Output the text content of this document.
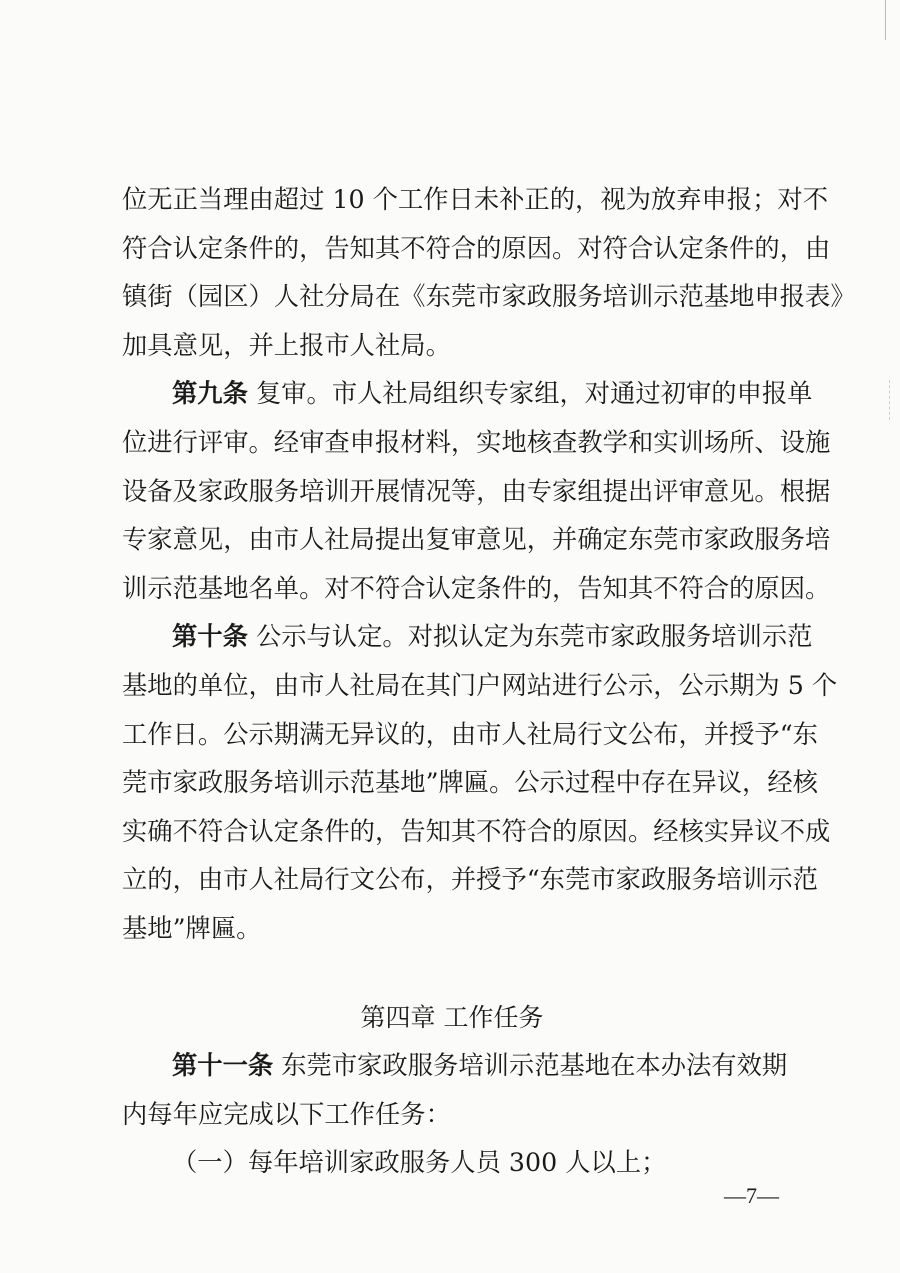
位无正当理由超过 10 个工作日未补正的，视为放弃申报；对不

符合认定条件的，告知其不符合的原因。对符合认定条件的，由

镇街（园区）人社分局在《东莞市家政服务培训示范基地申报表》

加具意见，并上报市人社局。

第九条 复审。市人社局组织专家组，对通过初审的申报单

位进行评审。经审查申报材料，实地核查教学和实训场所、设施

设备及家政服务培训开展情况等，由专家组提出评审意见。根据

专家意见，由市人社局提出复审意见，并确定东莞市家政服务培

训示范基地名单。对不符合认定条件的，告知其不符合的原因。

第十条 公示与认定。对拟认定为东莞市家政服务培训示范

基地的单位，由市人社局在其门户网站进行公示，公示期为 5 个

工作日。公示期满无异议的，由市人社局行文公布，并授予“东

莞市家政服务培训示范基地”牌匾。公示过程中存在异议，经核

实确不符合认定条件的，告知其不符合的原因。经核实异议不成

立的，由市人社局行文公布，并授予“东莞市家政服务培训示范

基地”牌匾。

第四章 工作任务

第十一条 东莞市家政服务培训示范基地在本办法有效期

内每年应完成以下工作任务：

（一）每年培训家政服务人员 300 人以上；

—7—
